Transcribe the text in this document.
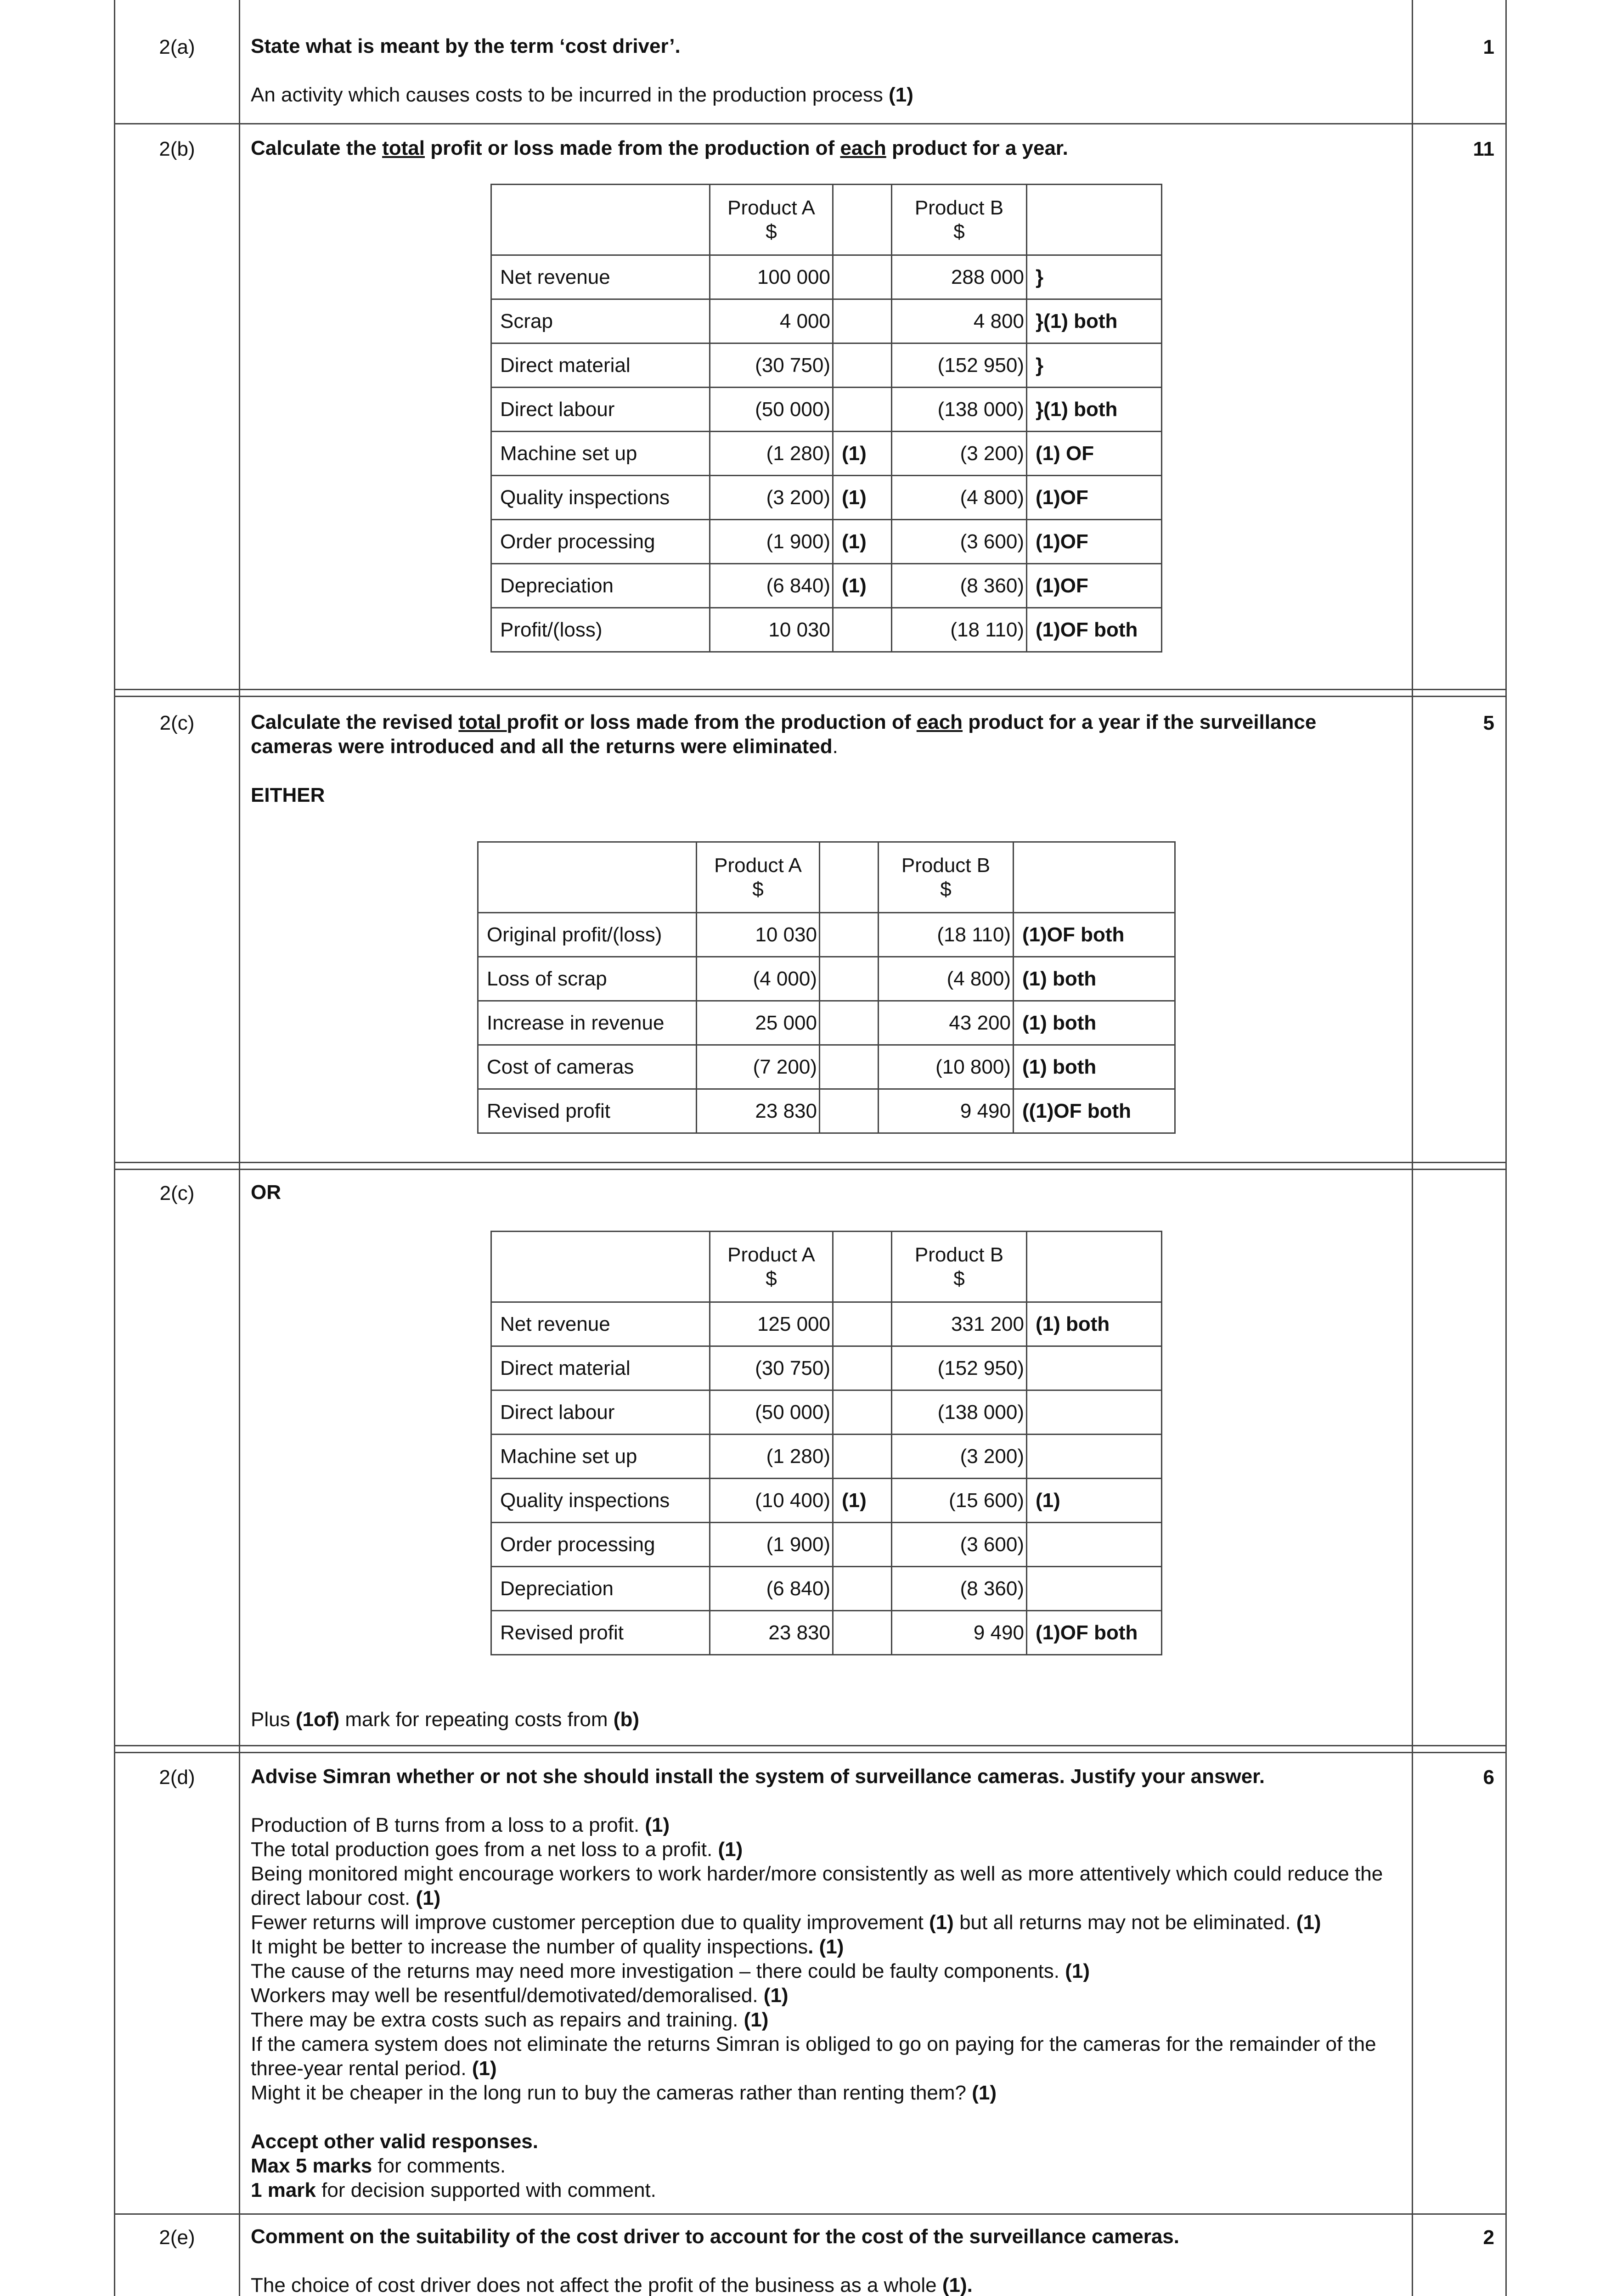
2(a)	1

State what is meant by the term ‘cost driver’.

An activity which causes costs to be incurred in the production process (1)

2(b)	11

Calculate the total profit or loss made from the production of each product for a year.

	Product A
$		Product B
$	
Net revenue	100 000		288 000	}
Scrap	4 000		4 800	}(1) both
Direct material	(30 750)		(152 950)	}
Direct labour	(50 000)		(138 000)	}(1) both
Machine set up	(1 280)	(1)	(3 200)	(1) OF
Quality inspections	(3 200)	(1)	(4 800)	(1)OF
Order processing	(1 900)	(1)	(3 600)	(1)OF
Depreciation	(6 840)	(1)	(8 360)	(1)OF
Profit/(loss)	10 030		(18 110)	(1)OF both
2(c)	5

Calculate the revised total profit or loss made from the production of each product for a year if the surveillance cameras were introduced and all the returns were eliminated.

EITHER

	Product A
$		Product B
$	
Original profit/(loss)	10 030		(18 110)	(1)OF both
Loss of scrap	(4 000)		(4 800)	(1) both
Increase in revenue	25 000		43 200	(1) both
Cost of cameras	(7 200)		(10 800)	(1) both
Revised profit	23 830		9 490	((1)OF both
2(c)	OR

	Product A
$		Product B
$	
Net revenue	125 000		331 200	(1) both
Direct material	(30 750)		(152 950)	
Direct labour	(50 000)		(138 000)	
Machine set up	(1 280)		(3 200)	
Quality inspections	(10 400)	(1)	(15 600)	(1)
Order processing	(1 900)		(3 600)	
Depreciation	(6 840)		(8 360)	
Revised profit	23 830		9 490	(1)OF both

Plus (1of) mark for repeating costs from (b)

2(d)	6

Advise Simran whether or not she should install the system of surveillance cameras. Justify your answer.

Production of B turns from a loss to a profit. (1)

The total production goes from a net loss to a profit. (1)

Being monitored might encourage workers to work harder/more consistently as well as more attentively which could reduce the direct labour cost. (1)

Fewer returns will improve customer perception due to quality improvement (1) but all returns may not be eliminated. (1)

It might be better to increase the number of quality inspections. (1)

The cause of the returns may need more investigation – there could be faulty components. (1)

Workers may well be resentful/demotivated/demoralised. (1)

There may be extra costs such as repairs and training. (1)

If the camera system does not eliminate the returns Simran is obliged to go on paying for the cameras for the remainder of the three-year rental period. (1)

Might it be cheaper in the long run to buy the cameras rather than renting them? (1)

Accept other valid responses.

Max 5 marks for comments.

1 mark for decision supported with comment.

2(e)	2

Comment on the suitability of the cost driver to account for the cost of the surveillance cameras.

The choice of cost driver does not affect the profit of the business as a whole (1).
